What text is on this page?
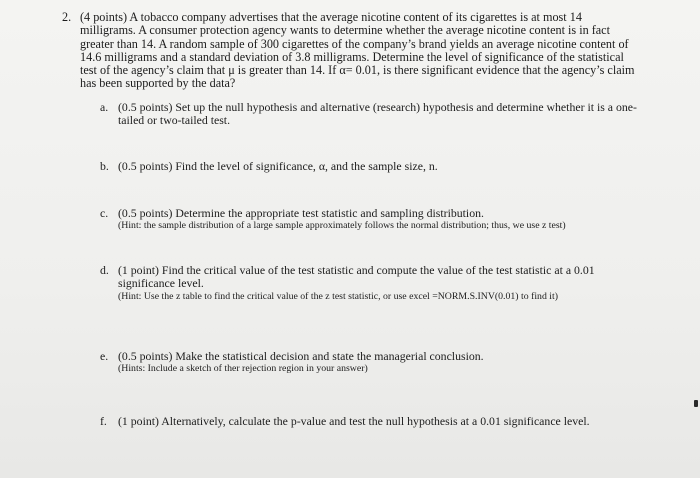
2. (4 points) A tobacco company advertises that the average nicotine content of its cigarettes is at most 14 milligrams. A consumer protection agency wants to determine whether the average nicotine content is in fact greater than 14. A random sample of 300 cigarettes of the company’s brand yields an average nicotine content of 14.6 milligrams and a standard deviation of 3.8 milligrams. Determine the level of significance of the statistical test of the agency’s claim that μ is greater than 14. If α= 0.01, is there significant evidence that the agency’s claim has been supported by the data?
a. (0.5 points) Set up the null hypothesis and alternative (research) hypothesis and determine whether it is a one-tailed or two-tailed test.
b. (0.5 points) Find the level of significance, α, and the sample size, n.
c. (0.5 points) Determine the appropriate test statistic and sampling distribution.
(Hint: the sample distribution of a large sample approximately follows the normal distribution; thus, we use z test)
d. (1 point) Find the critical value of the test statistic and compute the value of the test statistic at a 0.01 significance level.
(Hint: Use the z table to find the critical value of the z test statistic, or use excel =NORM.S.INV(0.01) to find it)
e. (0.5 points) Make the statistical decision and state the managerial conclusion.
(Hints: Include a sketch of ther rejection region in your answer)
f. (1 point) Alternatively, calculate the p-value and test the null hypothesis at a 0.01 significance level.
